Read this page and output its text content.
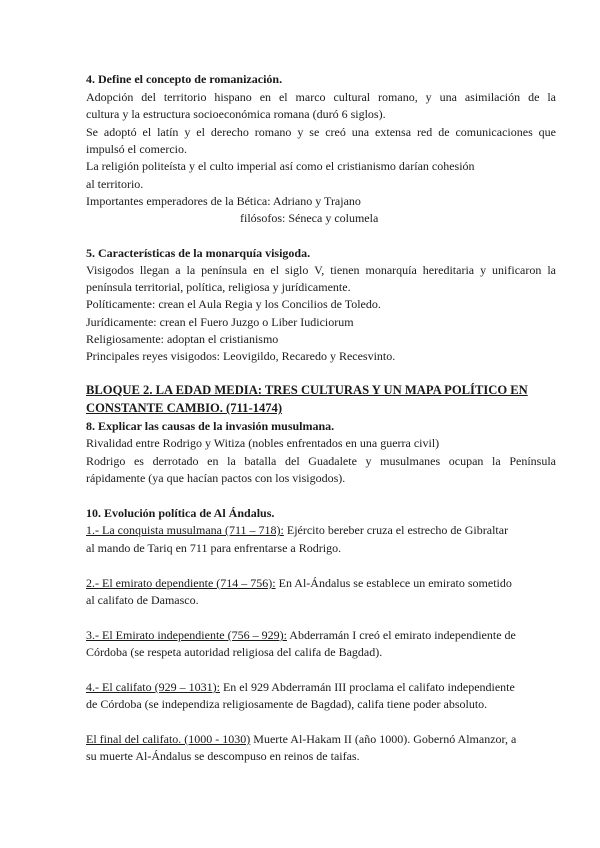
4. Define el concepto de romanización.

Adopción del territorio hispano en el marco cultural romano, y una asimilación de la

cultura y la estructura socioeconómica romana (duró 6 siglos).

Se adoptó el latín y el derecho romano y se creó una extensa red de comunicaciones que

impulsó el comercio.

La religión politeísta y el culto imperial así como el cristianismo darían cohesión

al territorio.

Importantes emperadores de la Bética: Adriano y Trajano

filósofos: Séneca y columela

5. Características de la monarquía visigoda.

Visigodos llegan a la península en el siglo V, tienen monarquía hereditaria y unificaron la

península territorial, política, religiosa y jurídicamente.

Políticamente: crean el Aula Regia y los Concilios de Toledo.

Jurídicamente: crean el Fuero Juzgo o Liber Iudiciorum

Religiosamente: adoptan el cristianismo

Principales reyes visigodos: Leovigildo, Recaredo y Recesvinto.

BLOQUE 2. LA EDAD MEDIA: TRES CULTURAS Y UN MAPA POLÍTICO EN

CONSTANTE CAMBIO. (711-1474)

8. Explicar las causas de la invasión musulmana.

Rivalidad entre Rodrigo y Witiza (nobles enfrentados en una guerra civil)

Rodrigo es derrotado en la batalla del Guadalete y musulmanes ocupan la Península

rápidamente (ya que hacían pactos con los visigodos).

10. Evolución política de Al Ándalus.

1.- La conquista musulmana (711 – 718): Ejército bereber cruza el estrecho de Gibraltar

al mando de Tariq en 711 para enfrentarse a Rodrigo.

2.- El emirato dependiente (714 – 756): En Al-Ándalus se establece un emirato sometido

al califato de Damasco.

3.- El Emirato independiente (756 – 929): Abderramán I creó el emirato independiente de

Córdoba (se respeta autoridad religiosa del califa de Bagdad).

4.- El califato (929 – 1031): En el 929 Abderramán III proclama el califato independiente

de Córdoba (se independiza religiosamente de Bagdad), califa tiene poder absoluto.

El final del califato. (1000 - 1030) Muerte Al-Hakam II (año 1000). Gobernó Almanzor, a

su muerte Al-Ándalus se descompuso en reinos de taifas.
